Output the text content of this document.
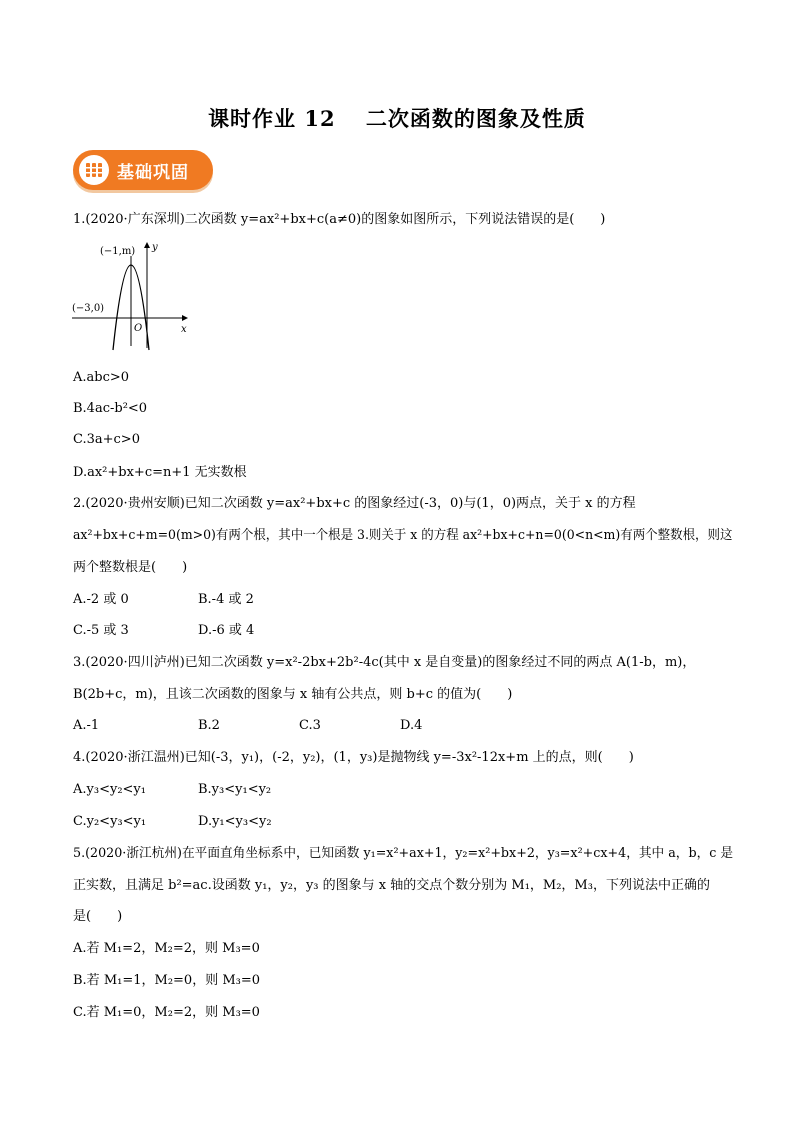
课时作业 12　 二次函数的图象及性质
基础巩固
1.(2020·广东深圳)二次函数 y=ax²+bx+c(a≠0)的图象如图所示，下列说法错误的是(　　)
(−1,m)
(−3,0)
O	x
y
A.abc>0
B.4ac-b²<0
C.3a+c>0
D.ax²+bx+c=n+1 无实数根
2.(2020·贵州安顺)已知二次函数 y=ax²+bx+c 的图象经过(-3，0)与(1，0)两点，关于 x 的方程
ax²+bx+c+m=0(m>0)有两个根，其中一个根是 3.则关于 x 的方程 ax²+bx+c+n=0(0<n<m)有两个整数根，则这
两个整数根是(　　)
A.-2 或 0	B.-4 或 2
C.-5 或 3	D.-6 或 4
3.(2020·四川泸州)已知二次函数 y=x²-2bx+2b²-4c(其中 x 是自变量)的图象经过不同的两点 A(1-b，m)，
B(2b+c，m)，且该二次函数的图象与 x 轴有公共点，则 b+c 的值为(　　)
A.-1	B.2	C.3	D.4
4.(2020·浙江温州)已知(-3，y₁)，(-2，y₂)，(1，y₃)是抛物线 y=-3x²-12x+m 上的点，则(　　)
A.y₃<y₂<y₁	B.y₃<y₁<y₂
C.y₂<y₃<y₁	D.y₁<y₃<y₂
5.(2020·浙江杭州)在平面直角坐标系中，已知函数 y₁=x²+ax+1，y₂=x²+bx+2，y₃=x²+cx+4，其中 a，b，c 是
正实数，且满足 b²=ac.设函数 y₁，y₂，y₃ 的图象与 x 轴的交点个数分别为 M₁，M₂，M₃，下列说法中正确的
是(　　)
A.若 M₁=2，M₂=2，则 M₃=0
B.若 M₁=1，M₂=0，则 M₃=0
C.若 M₁=0，M₂=2，则 M₃=0
